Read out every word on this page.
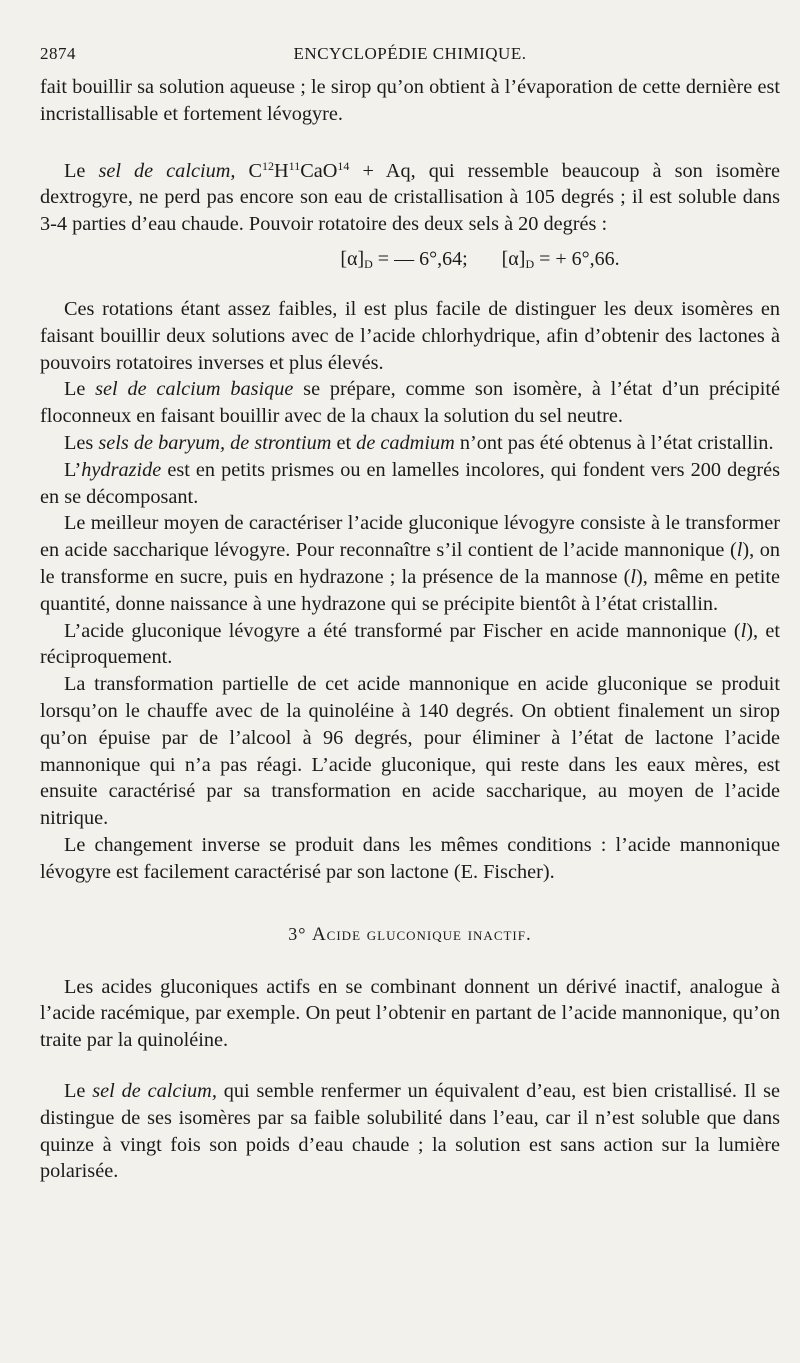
2874	ENCYCLOPÉDIE CHIMIQUE.

fait bouillir sa solution aqueuse ; le sirop qu’on obtient à l’évaporation de cette dernière est incristallisable et fortement lévogyre.

Le sel de calcium, $C^{12}H^{11}CaO^{14} + Aq$, qui ressemble beaucoup à son isomère dextrogyre, ne perd pas encore son eau de cristallisation à 105 degrés ; il est soluble dans 3-4 parties d’eau chaude. Pouvoir rotatoire des deux sels à 20 degrés :

$[\alpha]_D$ = — 6°,64; $[\alpha]_D$ = + 6°,66.

Ces rotations étant assez faibles, il est plus facile de distinguer les deux isomères en faisant bouillir deux solutions avec de l’acide chlorhydrique, afin d’obtenir des lactones à pouvoirs rotatoires inverses et plus élevés.

Le sel de calcium basique se prépare, comme son isomère, à l’état d’un précipité floconneux en faisant bouillir avec de la chaux la solution du sel neutre.

Les sels de baryum, de strontium et de cadmium n’ont pas été obtenus à l’état cristallin.

L’hydrazide est en petits prismes ou en lamelles incolores, qui fondent vers 200 degrés en se décomposant.

Le meilleur moyen de caractériser l’acide gluconique lévogyre consiste à le transformer en acide saccharique lévogyre. Pour reconnaître s’il contient de l’acide mannonique (l), on le transforme en sucre, puis en hydrazone ; la présence de la mannose (l), même en petite quantité, donne naissance à une hydrazone qui se précipite bientôt à l’état cristallin.

L’acide gluconique lévogyre a été transformé par Fischer en acide mannonique (l), et réciproquement.

La transformation partielle de cet acide mannonique en acide gluconique se produit lorsqu’on le chauffe avec de la quinoléine à 140 degrés. On obtient finalement un sirop qu’on épuise par de l’alcool à 96 degrés, pour éliminer à l’état de lactone l’acide mannonique qui n’a pas réagi. L’acide gluconique, qui reste dans les eaux mères, est ensuite caractérisé par sa transformation en acide saccharique, au moyen de l’acide nitrique.

Le changement inverse se produit dans les mêmes conditions : l’acide mannonique lévogyre est facilement caractérisé par son lactone (E. Fischer).

3° Acide gluconique inactif.

Les acides gluconiques actifs en se combinant donnent un dérivé inactif, analogue à l’acide racémique, par exemple. On peut l’obtenir en partant de l’acide mannonique, qu’on traite par la quinoléine.

Le sel de calcium, qui semble renfermer un équivalent d’eau, est bien cristallisé. Il se distingue de ses isomères par sa faible solubilité dans l’eau, car il n’est soluble que dans quinze à vingt fois son poids d’eau chaude ; la solution est sans action sur la lumière polarisée.
